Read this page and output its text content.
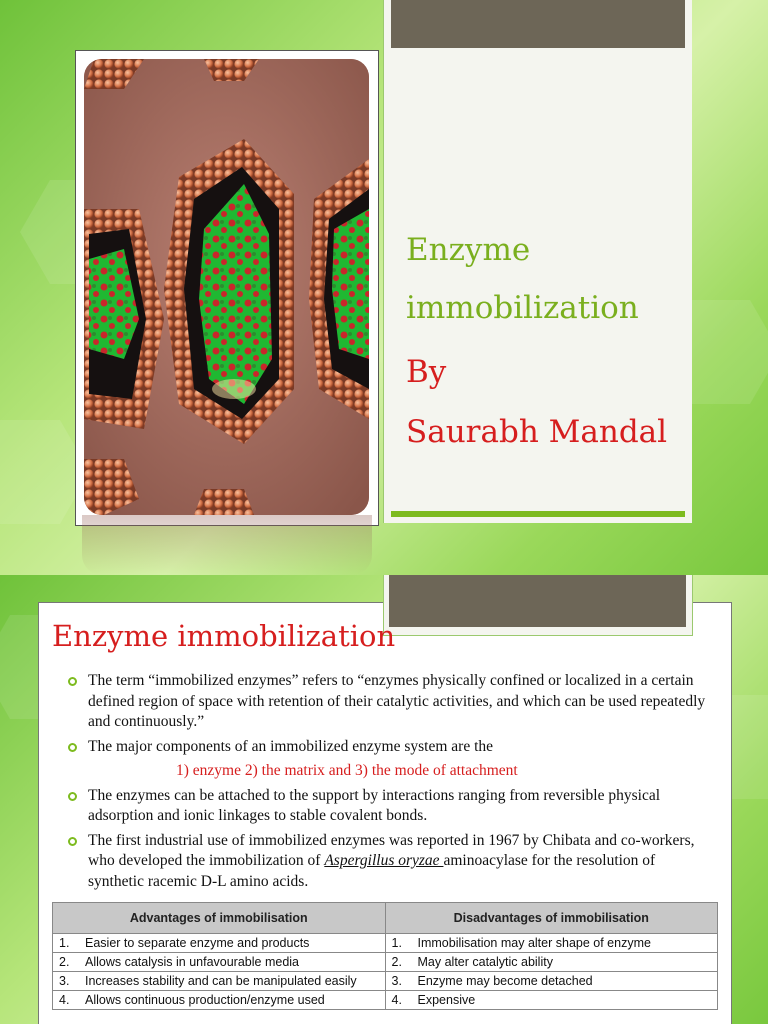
Enzyme

immobilization

By

Saurabh Mandal

Enzyme immobilization
The term “immobilized enzymes” refers to “enzymes physically confined or localized in a certain defined region of space with retention of their catalytic activities, and which can be used repeatedly and continuously.”
The major components of an immobilized enzyme system are the
1) enzyme 2) the matrix and 3) the mode of attachment
The enzymes can be attached to the support by interactions ranging from reversible physical adsorption and ionic linkages to stable covalent bonds.
The first industrial use of immobilized enzymes was reported in 1967 by Chibata and co-workers, who developed the immobilization of Aspergillus oryzae aminoacylase for the resolution of synthetic racemic D-L amino acids.
Advantages of immobilisation	Disadvantages of immobilisation
1. Easier to separate enzyme and products	1. Immobilisation may alter shape of enzyme
2. Allows catalysis in unfavourable media	2. May alter catalytic ability
3. Increases stability and can be manipulated easily	3. Enzyme may become detached
4. Allows continuous production/enzyme used	4. Expensive
